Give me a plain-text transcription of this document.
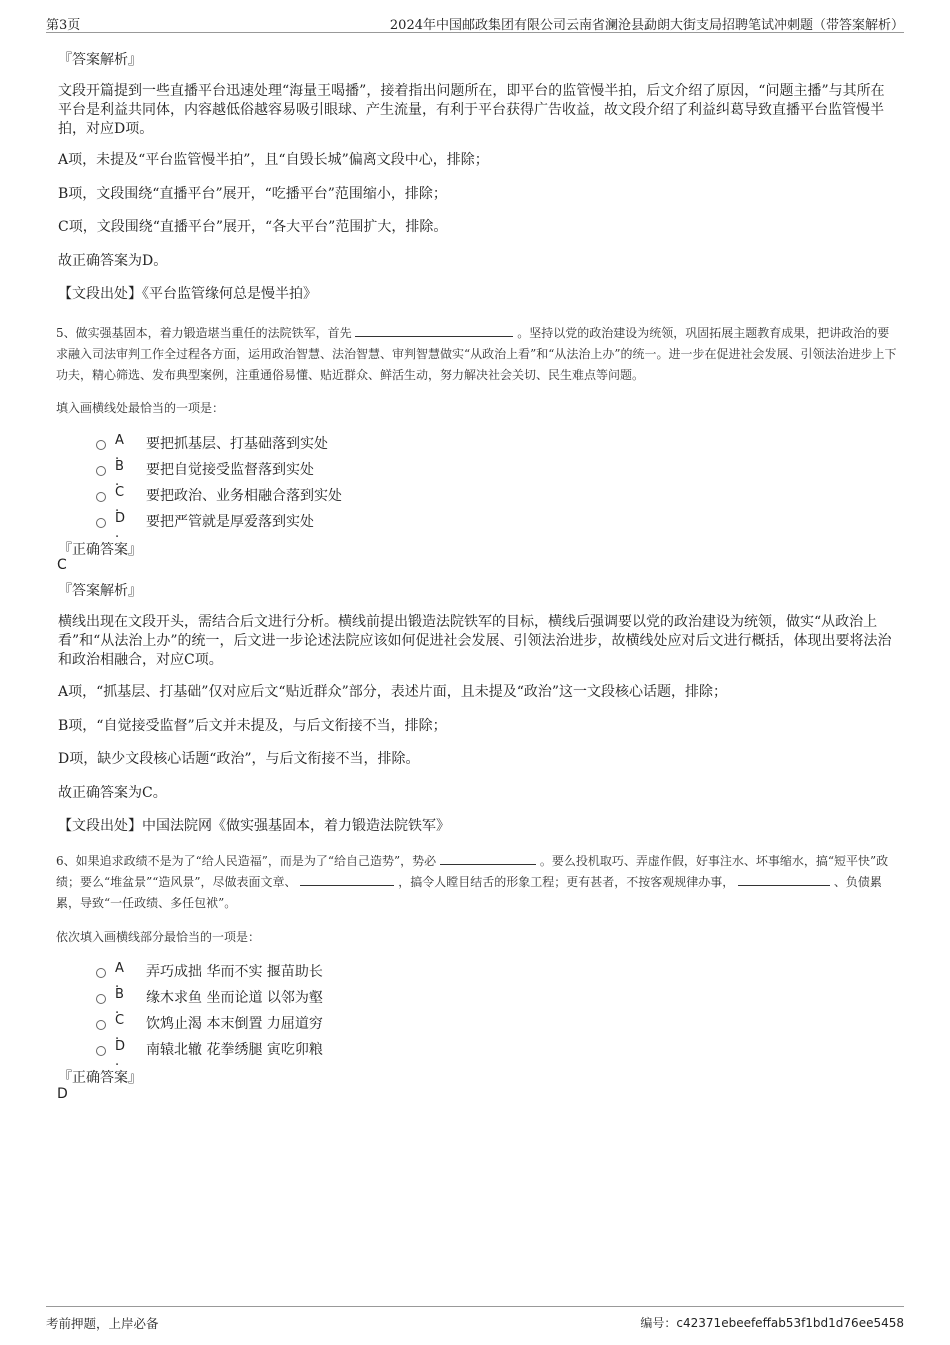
第3页	2024年中国邮政集团有限公司云南省澜沧县勐朗大街支局招聘笔试冲刺题（带答案解析）
『答案解析』
文段开篇提到一些直播平台迅速处理“海量王喝播”，接着指出问题所在，即平台的监管慢半拍，后文介绍了原因，“问题主播”与其所在平台是利益共同体，内容越低俗越容易吸引眼球、产生流量，有利于平台获得广告收益，故文段介绍了利益纠葛导致直播平台监管慢半拍，对应D项。
A项，未提及“平台监管慢半拍”，且“自毁长城”偏离文段中心，排除；
B项，文段围绕“直播平台”展开，“吃播平台”范围缩小，排除；
C项，文段围绕“直播平台”展开，“各大平台”范围扩大，排除。
故正确答案为D。
【文段出处】《平台监管缘何总是慢半拍》
5、做实强基固本，着力锻造堪当重任的法院铁军，首先	。坚持以党的政治建设为统领，巩固拓展主题教育成果，把讲政治的要求融入司法审判工作全过程各方面，运用政治智慧、法治智慧、审判智慧做实“从政治上看”和“从法治上办”的统一。进一步在促进社会发展、引领法治进步上下功夫，精心筛选、发布典型案例，注重通俗易懂、贴近群众、鲜活生动，努力解决社会关切、民生难点等问题。
填入画横线处最恰当的一项是：
A .
要把抓基层、打基础落到实处
B .
要把自觉接受监督落到实处
C .
要把政治、业务相融合落到实处
D .
要把严管就是厚爱落到实处
『正确答案』
C
『答案解析』
横线出现在文段开头，需结合后文进行分析。横线前提出锻造法院铁军的目标，横线后强调要以党的政治建设为统领，做实“从政治上看”和“从法治上办”的统一，后文进一步论述法院应该如何促进社会发展、引领法治进步，故横线处应对后文进行概括，体现出要将法治和政治相融合，对应C项。
A项，“抓基层、打基础”仅对应后文“贴近群众”部分，表述片面，且未提及“政治”这一文段核心话题，排除；
B项，“自觉接受监督”后文并未提及，与后文衔接不当，排除；
D项，缺少文段核心话题“政治”，与后文衔接不当，排除。
故正确答案为C。
【文段出处】中国法院网《做实强基固本，着力锻造法院铁军》
6、如果追求政绩不是为了“给人民造福”，而是为了“给自己造势”，势必	。要么投机取巧、弄虚作假，好事注水、坏事缩水，搞“短平快”政绩；要么“堆盆景”“造风景”，尽做表面文章、	，搞令人瞠目结舌的形象工程；更有甚者，不按客观规律办事，	、负债累累，导致“一任政绩、多任包袱”。
依次填入画横线部分最恰当的一项是：
A .
弄巧成拙 华而不实 揠苗助长
B .
缘木求鱼 坐而论道 以邻为壑
C .
饮鸩止渴 本末倒置 力屈道穷
D .
南辕北辙 花拳绣腿 寅吃卯粮
『正确答案』
D
考前押题，上岸必备	编号：c42371ebeefeffab53f1bd1d76ee5458
